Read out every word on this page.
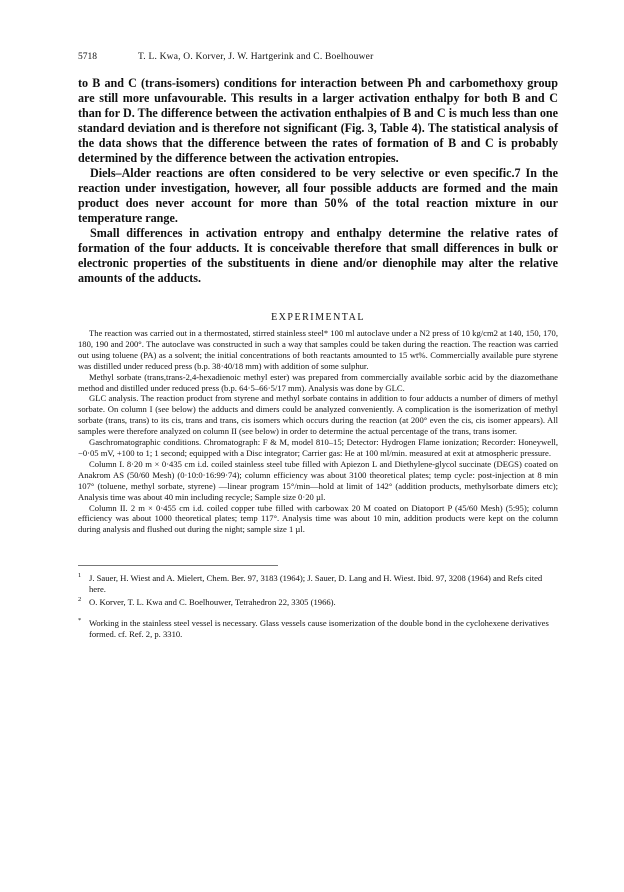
5718	T. L. Kwa, O. Korver, J. W. Hartgerink and C. Boelhouwer

to B and C (trans-isomers) conditions for interaction between Ph and carbomethoxy group are still more unfavourable. This results in a larger activation enthalpy for both B and C than for D. The difference between the activation enthalpies of B and C is much less than one standard deviation and is therefore not significant (Fig. 3, Table 4). The statistical analysis of the data shows that the difference between the rates of formation of B and C is probably determined by the difference between the activation entropies.

Diels–Alder reactions are often considered to be very selective or even specific.7 In the reaction under investigation, however, all four possible adducts are formed and the main product does never account for more than 50% of the total reaction mixture in our temperature range.

Small differences in activation entropy and enthalpy determine the relative rates of formation of the four adducts. It is conceivable therefore that small differences in bulk or electronic properties of the substituents in diene and/or dienophile may alter the relative amounts of the adducts.

EXPERIMENTAL

The reaction was carried out in a thermostated, stirred stainless steel* 100 ml autoclave under a N2 press of 10 kg/cm2 at 140, 150, 170, 180, 190 and 200°. The autoclave was constructed in such a way that samples could be taken during the reaction. The reaction was carried out using toluene (PA) as a solvent; the initial concentrations of both reactants amounted to 15 wt%. Commercially available pure styrene was distilled under reduced press (b.p. 38·40/18 mm) with addition of some sulphur.

Methyl sorbate (trans,trans-2,4-hexadienoic methyl ester) was prepared from commercially available sorbic acid by the diazomethane method and distilled under reduced press (b.p. 64·5–66·5/17 mm). Analysis was done by GLC.

GLC analysis. The reaction product from styrene and methyl sorbate contains in addition to four adducts a number of dimers of methyl sorbate. On column I (see below) the adducts and dimers could be analyzed conveniently. A complication is the isomerization of methyl sorbate (trans, trans) to its cis, trans and trans, cis isomers which occurs during the reaction (at 200° even the cis, cis isomer appears). All samples were therefore analyzed on column II (see below) in order to determine the actual percentage of the trans, trans isomer.

Gaschromatographic conditions. Chromatograph: F & M, model 810–15; Detector: Hydrogen Flame ionization; Recorder: Honeywell, −0·05 mV, +100 to 1; 1 second; equipped with a Disc integrator; Carrier gas: He at 100 ml/min. measured at exit at atmospheric pressure.

Column I. 8·20 m × 0·435 cm i.d. coiled stainless steel tube filled with Apiezon L and Diethylene-glycol succinate (DEGS) coated on Anakrom AS (50/60 Mesh) (0·10:0·16:99·74); column efficiency was about 3100 theoretical plates; temp cycle: post-injection at 8 min 107° (toluene, methyl sorbate, styrene) —linear program 15°/min—hold at limit of 142° (addition products, methylsorbate dimers etc); Analysis time was about 40 min including recycle; Sample size 0·20 µl.

Column II. 2 m × 0·455 cm i.d. coiled copper tube filled with carbowax 20 M coated on Diatoport P (45/60 Mesh) (5:95); column efficiency was about 1000 theoretical plates; temp 117°. Analysis time was about 10 min, addition products were kept on the column during analysis and flushed out during the night; sample size 1 µl.

1 J. Sauer, H. Wiest and A. Mielert, Chem. Ber. 97, 3183 (1964); J. Sauer, D. Lang and H. Wiest. Ibid. 97, 3208 (1964) and Refs cited here.
2 O. Korver, T. L. Kwa and C. Boelhouwer, Tetrahedron 22, 3305 (1966).
* Working in the stainless steel vessel is necessary. Glass vessels cause isomerization of the double bond in the cyclohexene derivatives formed. cf. Ref. 2, p. 3310.
